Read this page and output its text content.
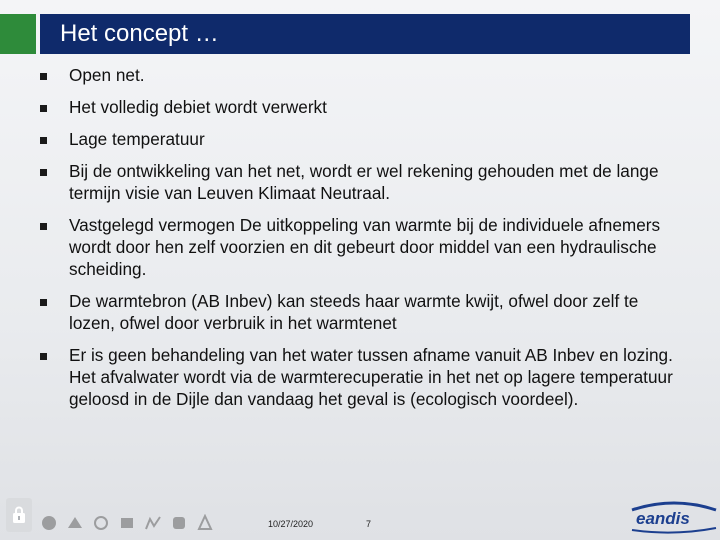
Het concept …
Open net.
Het volledig debiet wordt verwerkt
Lage temperatuur
Bij de ontwikkeling van het net, wordt er wel rekening gehouden met de lange termijn visie van Leuven Klimaat Neutraal.
Vastgelegd vermogen De uitkoppeling van warmte bij de individuele afnemers wordt door hen zelf voorzien en dit gebeurt door middel van een hydraulische scheiding.
De warmtebron (AB Inbev) kan steeds haar warmte kwijt, ofwel door zelf te lozen, ofwel door verbruik in het warmtenet
Er is geen behandeling van het water tussen afname vanuit AB Inbev en lozing. Het afvalwater wordt via de warmterecuperatie in het net op lagere temperatuur geloosd in de Dijle dan vandaag het geval is (ecologisch voordeel).
10/27/2020	7	eandis
